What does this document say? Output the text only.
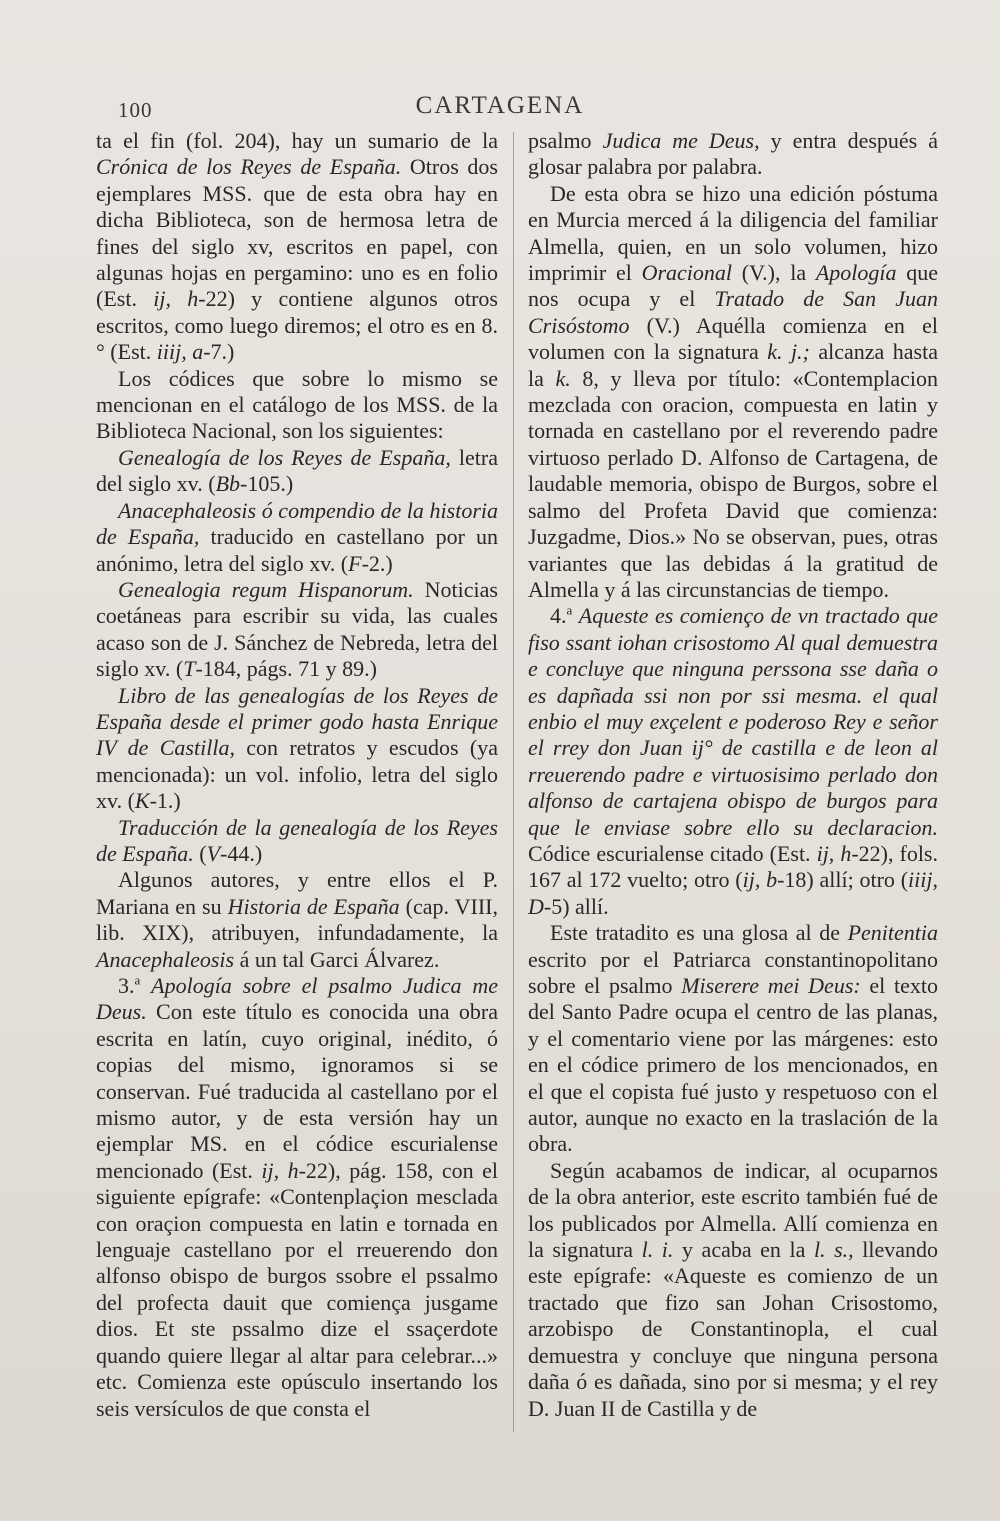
100	CARTAGENA

ta el fin (fol. 204), hay un sumario de la Crónica de los Reyes de España. Otros dos ejemplares MSS. que de esta obra hay en dicha Biblioteca, son de hermosa letra de fines del siglo xv, escritos en papel, con algunas hojas en pergamino: uno es en folio (Est. ij, h-22) y contiene algunos otros escritos, como luego diremos; el otro es en 8.° (Est. iiij, a-7.)

Los códices que sobre lo mismo se mencionan en el catálogo de los MSS. de la Biblioteca Nacional, son los siguientes:

Genealogía de los Reyes de España, letra del siglo xv. (Bb-105.)

Anacephaleosis ó compendio de la historia de España, traducido en castellano por un anónimo, letra del siglo xv. (F-2.)

Genealogia regum Hispanorum. Noticias coetáneas para escribir su vida, las cuales acaso son de J. Sánchez de Nebreda, letra del siglo xv. (T-184, págs. 71 y 89.)

Libro de las genealogías de los Reyes de España desde el primer godo hasta Enrique IV de Castilla, con retratos y escudos (ya mencionada): un vol. infolio, letra del siglo xv. (K-1.)

Traducción de la genealogía de los Reyes de España. (V-44.)

Algunos autores, y entre ellos el P. Mariana en su Historia de España (cap. VIII, lib. XIX), atribuyen, infundadamente, la Anacephaleosis á un tal Garci Álvarez.

3.$^a$ Apología sobre el psalmo Judica me Deus. Con este título es conocida una obra escrita en latín, cuyo original, inédito, ó copias del mismo, ignoramos si se conservan. Fué traducida al castellano por el mismo autor, y de esta versión hay un ejemplar MS. en el códice escurialense mencionado (Est. ij, h-22), pág. 158, con el siguiente epígrafe: «Contenplaçion mesclada con oraçion compuesta en latin e tornada en lenguaje castellano por el rreuerendo don alfonso obispo de burgos ssobre el pssalmo del profecta dauit que comiença jusgame dios. Et ste pssalmo dize el ssaçerdote quando quiere llegar al altar para celebrar...» etc. Comienza este opúsculo insertando los seis versículos de que consta el

psalmo Judica me Deus, y entra después á glosar palabra por palabra.

De esta obra se hizo una edición póstuma en Murcia merced á la diligencia del familiar Almella, quien, en un solo volumen, hizo imprimir el Oracional (V.), la Apología que nos ocupa y el Tratado de San Juan Crisóstomo (V.) Aquélla comienza en el volumen con la signatura k. j.; alcanza hasta la k. 8, y lleva por título: «Contemplacion mezclada con oracion, compuesta en latin y tornada en castellano por el reverendo padre virtuoso perlado D. Alfonso de Cartagena, de laudable memoria, obispo de Burgos, sobre el salmo del Profeta David que comienza: Juzgadme, Dios.» No se observan, pues, otras variantes que las debidas á la gratitud de Almella y á las circunstancias de tiempo.

4.$^a$ Aqueste es comienço de vn tractado que fiso ssant iohan crisostomo Al qual demuestra e concluye que ninguna perssona sse daña o es dapñada ssi non por ssi mesma. el qual enbio el muy exçelent e poderoso Rey e señor el rrey don Juan ij° de castilla e de leon al rreuerendo padre e virtuosisimo perlado don alfonso de cartajena obispo de burgos para que le enviase sobre ello su declaracion. Códice escurialense citado (Est. ij, h-22), fols. 167 al 172 vuelto; otro (ij, b-18) allí; otro (iiij, D-5) allí.

Este tratadito es una glosa al de Penitentia escrito por el Patriarca constantinopolitano sobre el psalmo Miserere mei Deus: el texto del Santo Padre ocupa el centro de las planas, y el comentario viene por las márgenes: esto en el códice primero de los mencionados, en el que el copista fué justo y respetuoso con el autor, aunque no exacto en la traslación de la obra.

Según acabamos de indicar, al ocuparnos de la obra anterior, este escrito también fué de los publicados por Almella. Allí comienza en la signatura l. i. y acaba en la l. s., llevando este epígrafe: «Aqueste es comienzo de un tractado que fizo san Johan Crisostomo, arzobispo de Constantinopla, el cual demuestra y concluye que ninguna persona daña ó es dañada, sino por si mesma; y el rey D. Juan II de Castilla y de
